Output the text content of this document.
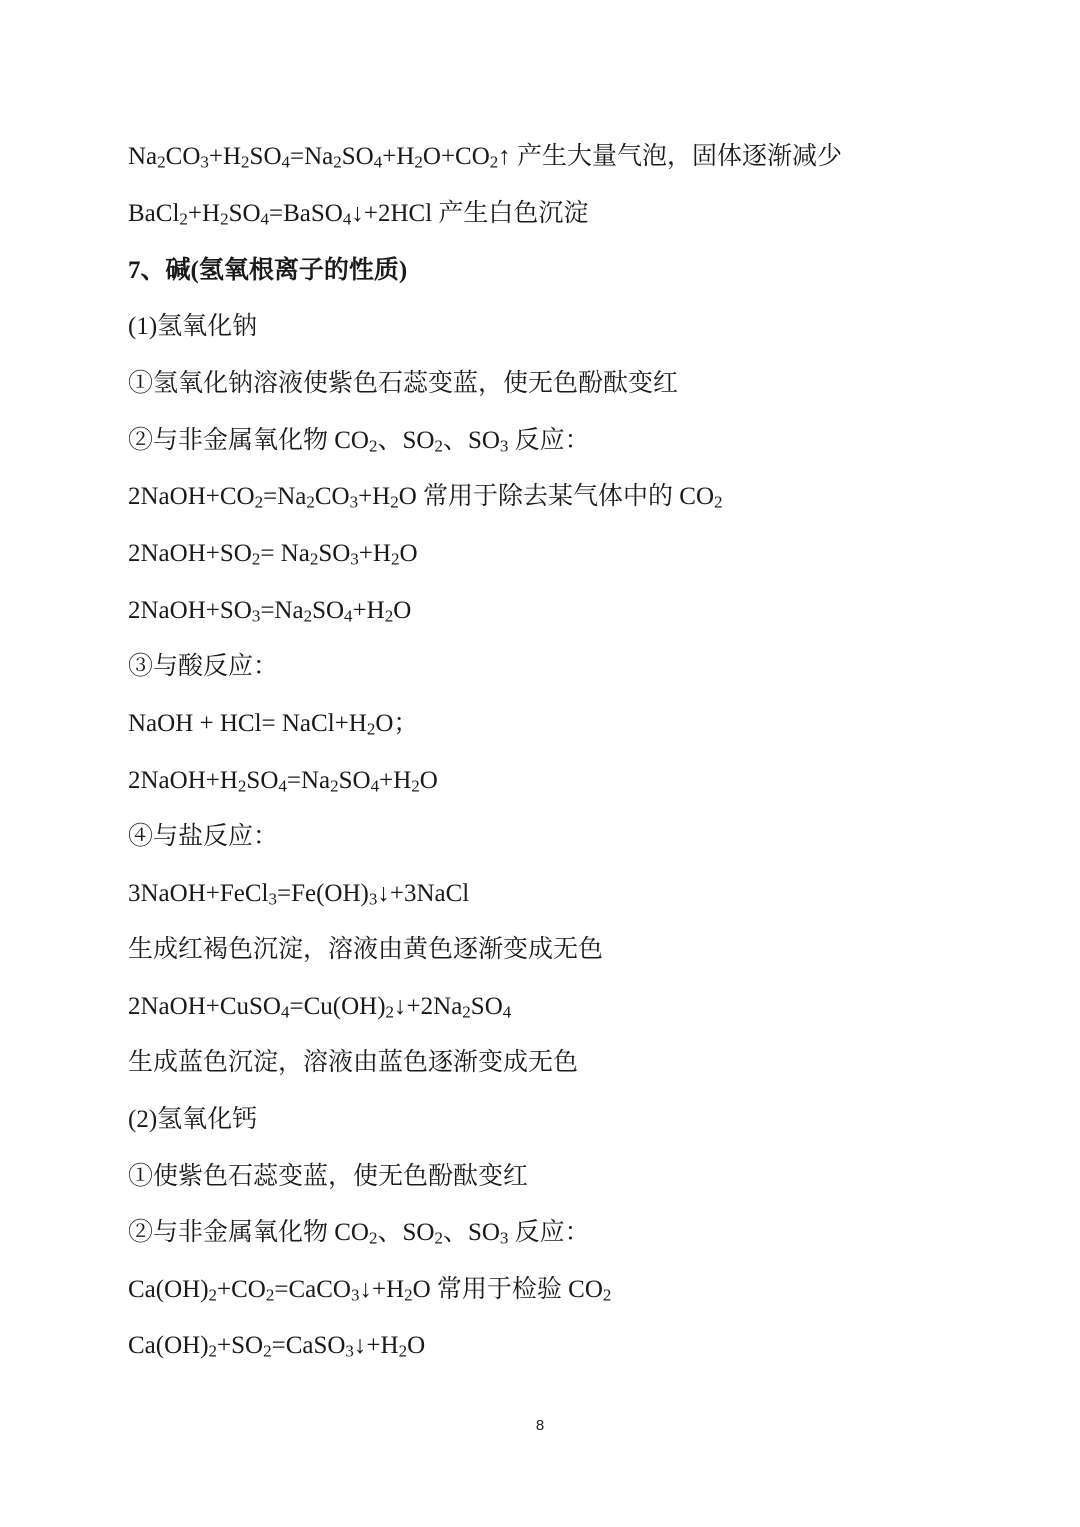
$Na_2CO_3+H_2SO_4=Na_2SO_4+H_2O+CO_2↑$ 产生大量气泡，固体逐渐减少
$BaCl_2+H_2SO_4=BaSO_4↓+2HCl$ 产生白色沉淀
7、碱(氢氧根离子的性质)
(1)氢氧化钠
①氢氧化钠溶液使紫色石蕊变蓝，使无色酚酞变红
②与非金属氧化物 $CO_2$、$SO_2$、$SO_3$ 反应：
$2NaOH+CO_2=Na_2CO_3+H_2O$ 常用于除去某气体中的 $CO_2$
$2NaOH+SO_2= Na_2SO_3+H_2O$
$2NaOH+SO_3=Na_2SO_4+H_2O$
③与酸反应：
NaOH + $HCl= NaCl+H_2O$；
$2NaOH+H_2SO_4=Na_2SO_4+H_2O$
④与盐反应：
$3NaOH+FeCl_3=Fe(OH)_3↓+3NaCl$
生成红褐色沉淀，溶液由黄色逐渐变成无色
$2NaOH+CuSO_4=Cu(OH)_2↓+2Na_2SO_4$
生成蓝色沉淀，溶液由蓝色逐渐变成无色
(2)氢氧化钙
①使紫色石蕊变蓝，使无色酚酞变红
②与非金属氧化物 $CO_2$、$SO_2$、$SO_3$ 反应：
$Ca(OH)_2+CO_2=CaCO_3↓+H_2O$ 常用于检验 $CO_2$
$Ca(OH)_2+SO_2=CaSO_3↓+H_2O$
8
